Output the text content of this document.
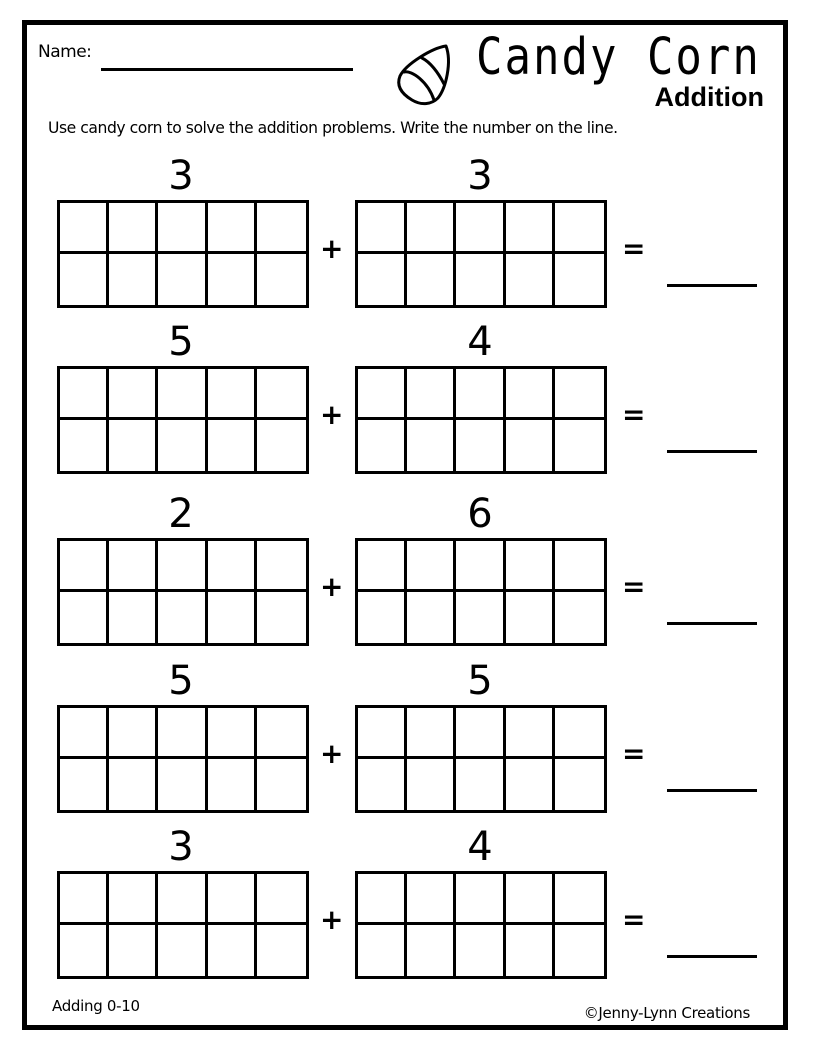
Name:	Candy Corn
Addition
Use candy corn to solve the addition problems. Write the number on the line.
3	3
+	=
5	4
+	=
2	6
+	=
5	5
+	=
3	4
+	=
Adding 0-10	©Jenny-Lynn Creations
